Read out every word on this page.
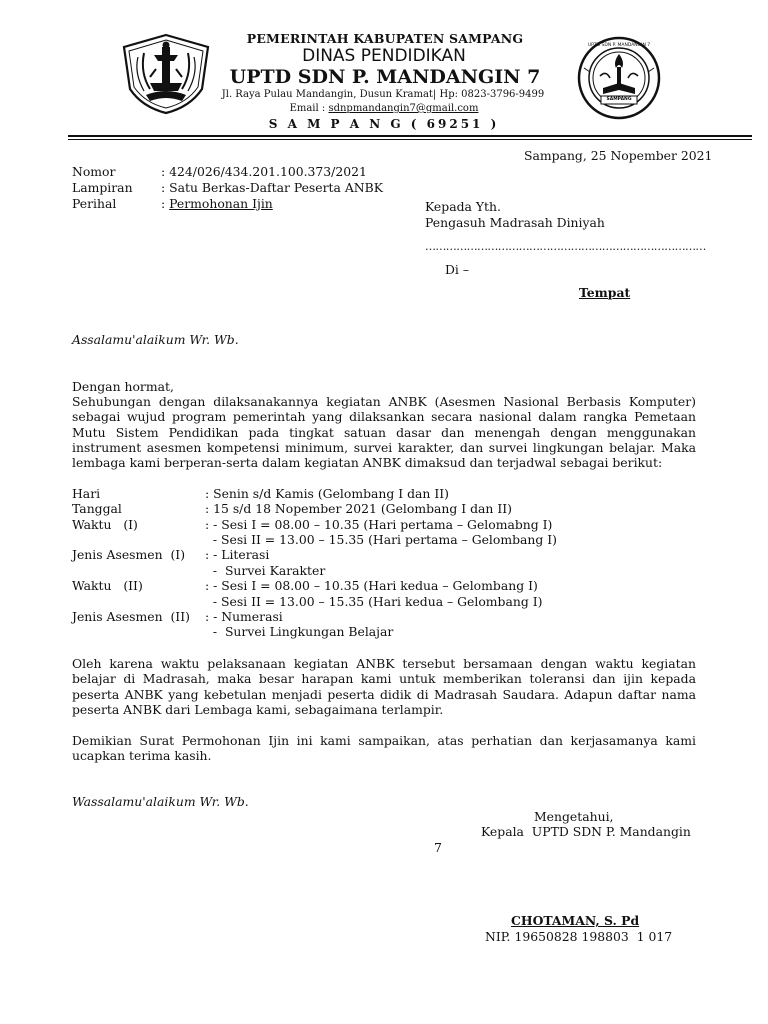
UPTD SDN P. MANDANGIN 7
SAMPANG
PEMERINTAH KABUPATEN SAMPANG
DINAS PENDIDIKAN
UPTD SDN P. MANDANGIN 7
Jl. Raya Pulau Mandangin, Dusun Kramat| Hp: 0823-3796-9499
Email : sdnpmandangin7@gmail.com
S A M P A N G ( 69251 )
Sampang, 25 Nopember 2021
Nomor	: 424/026/434.201.100.373/2021
Lampiran : Satu Berkas-Daftar Peserta ANBK
Perihal	: Permohonan Ijin	Kepada Yth.
Pengasuh Madrasah Diniyah
………………………………………………………………………
Di –
Tempat
Assalamu'alaikum Wr. Wb.
Dengan hormat,
Sehubungan dengan dilaksanakannya kegiatan ANBK (Asesmen Nasional Berbasis Komputer)
sebagai wujud program pemerintah yang dilaksankan secara nasional dalam rangka Pemetaan
Mutu Sistem Pendidikan pada tingkat satuan dasar dan menengah dengan menggunakan
instrument asesmen kompetensi minimum, survei karakter, dan survei lingkungan belajar. Maka
lembaga kami berperan-serta dalam kegiatan ANBK dimaksud dan terjadwal sebagai berikut:
Hari	: Senin s/d Kamis (Gelombang I dan II)
Tanggal	: 15 s/d 18 Nopember 2021 (Gelombang I dan II)
Waktu   (I)	: - Sesi I = 08.00 – 10.35 (Hari pertama – Gelomabng I)
- Sesi II = 13.00 – 15.35 (Hari pertama – Gelombang I)
Jenis Asesmen  (I) : - Literasi
-  Survei Karakter
Waktu   (II)	: - Sesi I = 08.00 – 10.35 (Hari kedua – Gelombang I)
- Sesi II = 13.00 – 15.35 (Hari kedua – Gelombang I)
Jenis Asesmen  (II) : - Numerasi
-  Survei Lingkungan Belajar
Oleh karena waktu pelaksanaan kegiatan ANBK tersebut bersamaan dengan waktu kegiatan
belajar di Madrasah, maka besar harapan kami untuk memberikan toleransi dan ijin kepada
peserta ANBK yang kebetulan menjadi peserta didik di Madrasah Saudara. Adapun daftar nama
peserta ANBK dari Lembaga kami, sebagaimana terlampir.
Demikian Surat Permohonan Ijin ini kami sampaikan, atas perhatian dan kerjasamanya kami
ucapkan terima kasih.
Wassalamu'alaikum Wr. Wb.
Mengetahui,
Kepala  UPTD SDN P. Mandangin
7
CHOTAMAN, S. Pd
NIP. 19650828 198803  1 017
